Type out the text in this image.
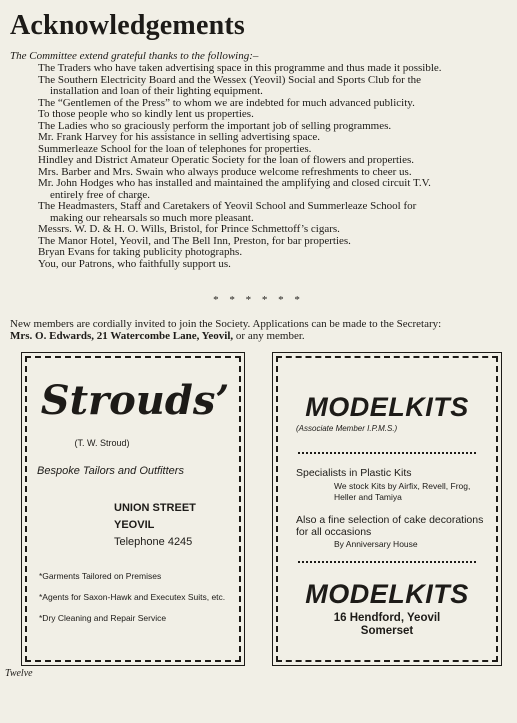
Acknowledgements
The Committee extend grateful thanks to the following:–
The Traders who have taken advertising space in this programme and thus made it possible.
The Southern Electricity Board and the Wessex (Yeovil) Social and Sports Club for the
installation and loan of their lighting equipment.
The “Gentlemen of the Press” to whom we are indebted for much advanced publicity.
To those people who so kindly lent us properties.
The Ladies who so graciously perform the important job of selling programmes.
Mr. Frank Harvey for his assistance in selling advertising space.
Summerleaze School for the loan of telephones for properties.
Hindley and District Amateur Operatic Society for the loan of flowers and properties.
Mrs. Barber and Mrs. Swain who always produce welcome refreshments to cheer us.
Mr. John Hodges who has installed and maintained the amplifying and closed circuit T.V.
entirely free of charge.
The Headmasters, Staff and Caretakers of Yeovil School and Summerleaze School for
making our rehearsals so much more pleasant.
Messrs. W. D. & H. O. Wills, Bristol, for Prince Schmettoff’s cigars.
The Manor Hotel, Yeovil, and The Bell Inn, Preston, for bar properties.
Bryan Evans for taking publicity photographs.
You, our Patrons, who faithfully support us.
* * * * * *
New members are cordially invited to join the Society. Applications can be made to the Secretary:
Mrs. O. Edwards, 21 Watercombe Lane, Yeovil, or any member.
Strouds’
(T. W. Stroud)
Bespoke Tailors and Outfitters
UNION STREET
YEOVIL
Telephone 4245
*Garments Tailored on Premises
*Agents for Saxon-Hawk and Executex Suits, etc.
*Dry Cleaning and Repair Service
MODELKITS
(Associate Member I.P.M.S.)
Specialists in Plastic Kits
We stock Kits by Airfix, Revell, Frog, Heller and Tamiya
Also a fine selection of cake decorations for all occasions
By Anniversary House
MODELKITS
16 Hendford, Yeovil
Somerset
Twelve
